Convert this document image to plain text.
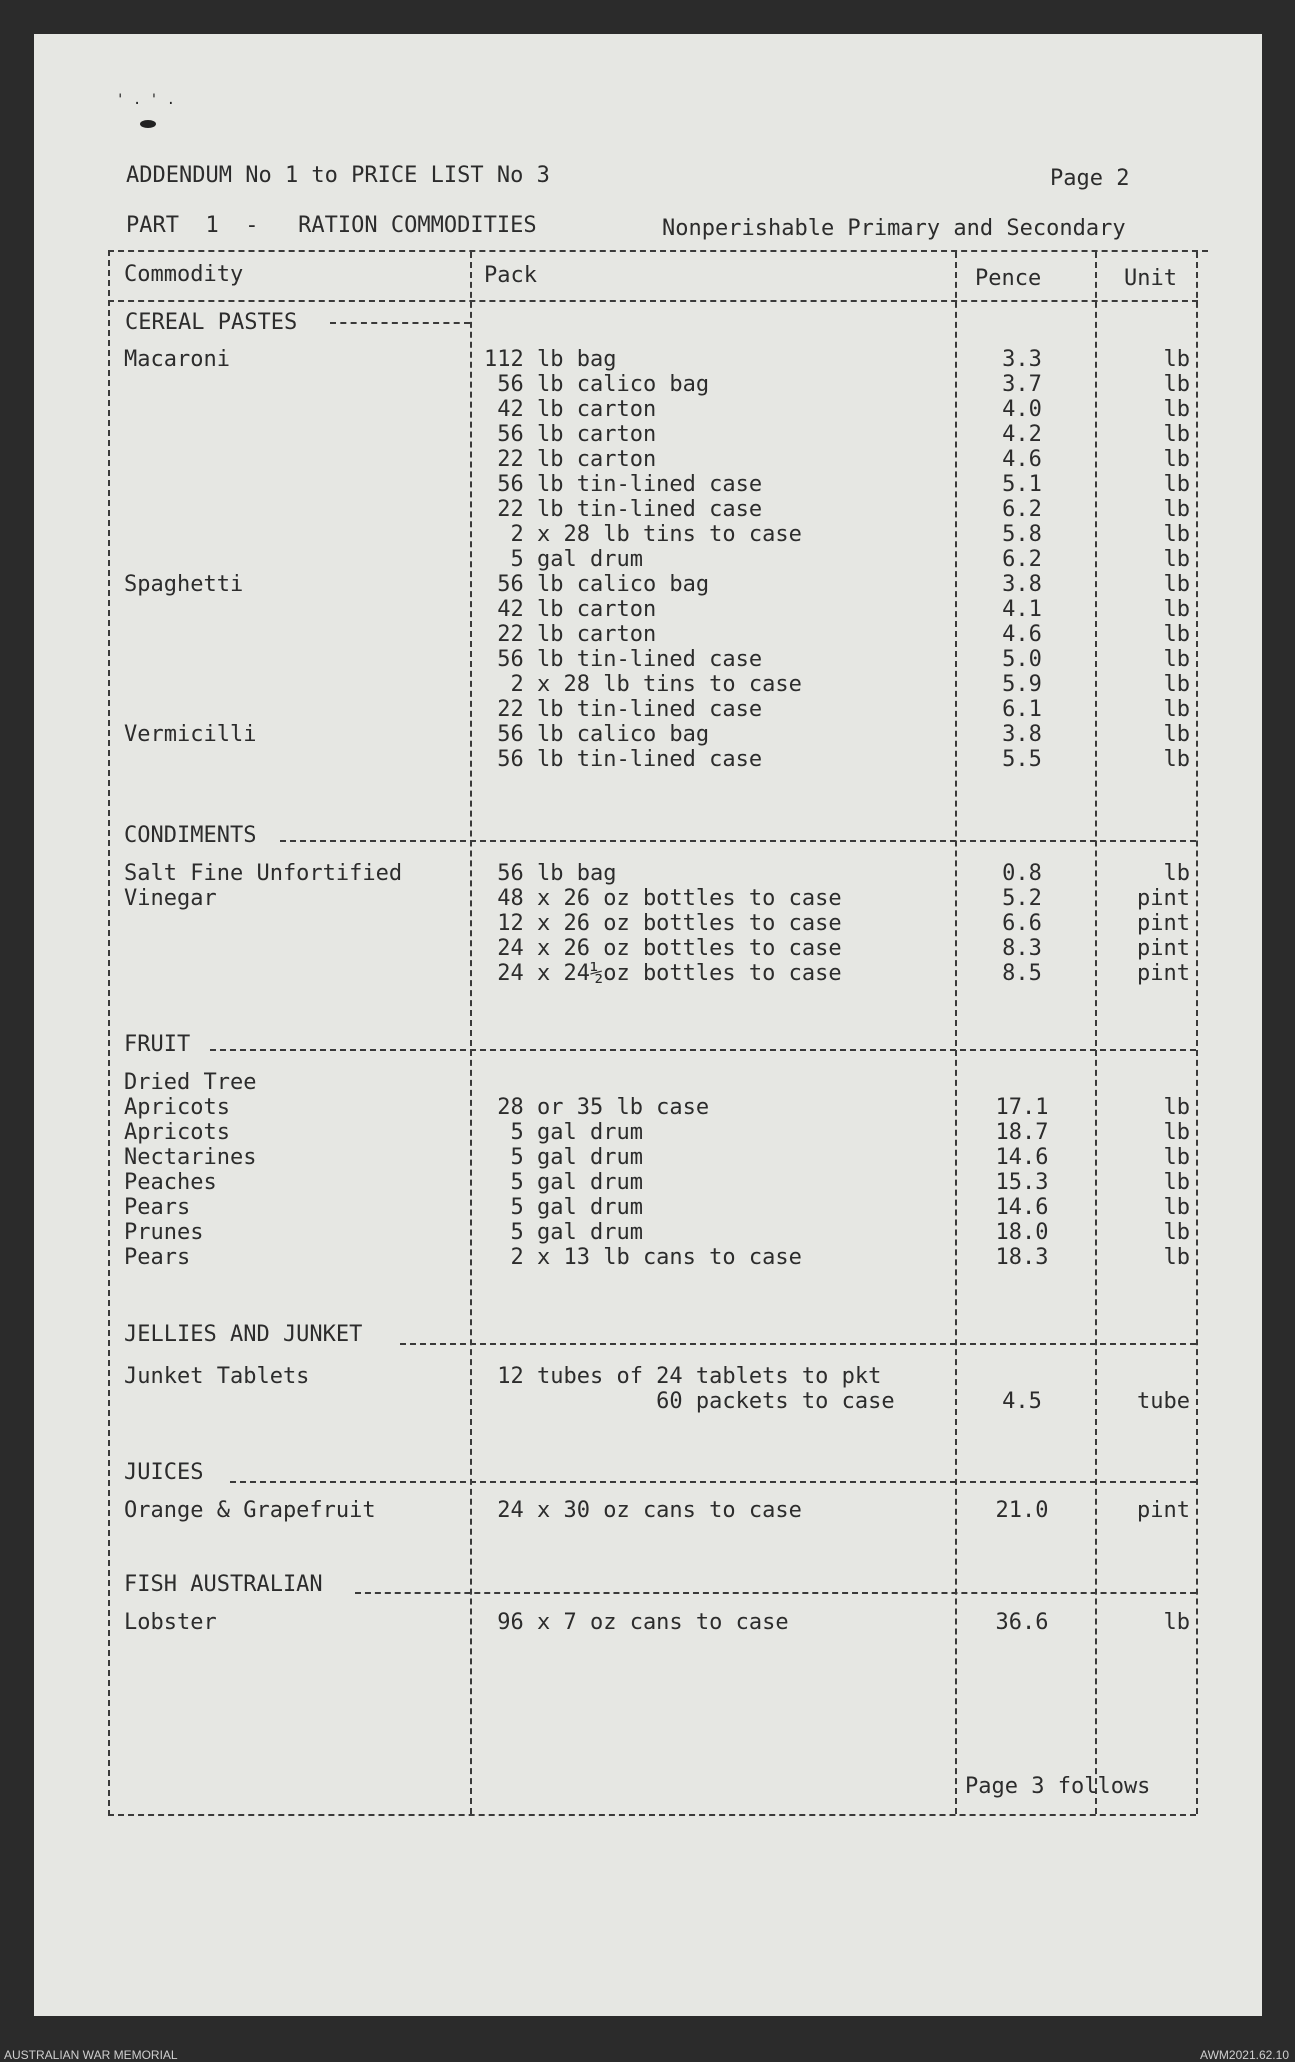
' . ' .
ADDENDUM No 1 to PRICE LIST No 3	Page 2
PART  1  -   RATION COMMODITIES	Nonperishable Primary and Secondary
Commodity	Pack	Pence	Unit
CEREAL PASTES
Macaroni	112 lb bag	3.3	lb
56 lb calico bag	3.7	lb
42 lb carton	4.0	lb
56 lb carton	4.2	lb
22 lb carton	4.6	lb
56 lb tin-lined case	5.1	lb
22 lb tin-lined case	6.2	lb
2 x 28 lb tins to case	5.8	lb
5 gal drum	6.2	lb
Spaghetti	56 lb calico bag	3.8	lb
42 lb carton	4.1	lb
22 lb carton	4.6	lb
56 lb tin-lined case	5.0	lb
2 x 28 lb tins to case	5.9	lb
22 lb tin-lined case	6.1	lb
Vermicilli	56 lb calico bag	3.8	lb
56 lb tin-lined case	5.5	lb
CONDIMENTS
Salt Fine Unfortified	56 lb bag	0.8	lb
Vinegar	48 x 26 oz bottles to case	5.2	pint
12 x 26 oz bottles to case	6.6	pint
24 x 26 oz bottles to case	8.3	pint
24 x 24½oz bottles to case	8.5	pint
FRUIT
Dried Tree
Apricots	28 or 35 lb case	17.1	lb
Apricots	5 gal drum	18.7	lb
Nectarines	5 gal drum	14.6	lb
Peaches	5 gal drum	15.3	lb
Pears	5 gal drum	14.6	lb
Prunes	5 gal drum	18.0	lb
Pears	2 x 13 lb cans to case	18.3	lb
JELLIES AND JUNKET
Junket Tablets	12 tubes of 24 tablets to pkt
60 packets to case	4.5	tube
JUICES
Orange & Grapefruit	24 x 30 oz cans to case	21.0	pint
FISH AUSTRALIAN
Lobster	96 x 7 oz cans to case	36.6	lb
Page 3 follows
AUSTRALIAN WAR MEMORIAL	AWM2021.62.10
